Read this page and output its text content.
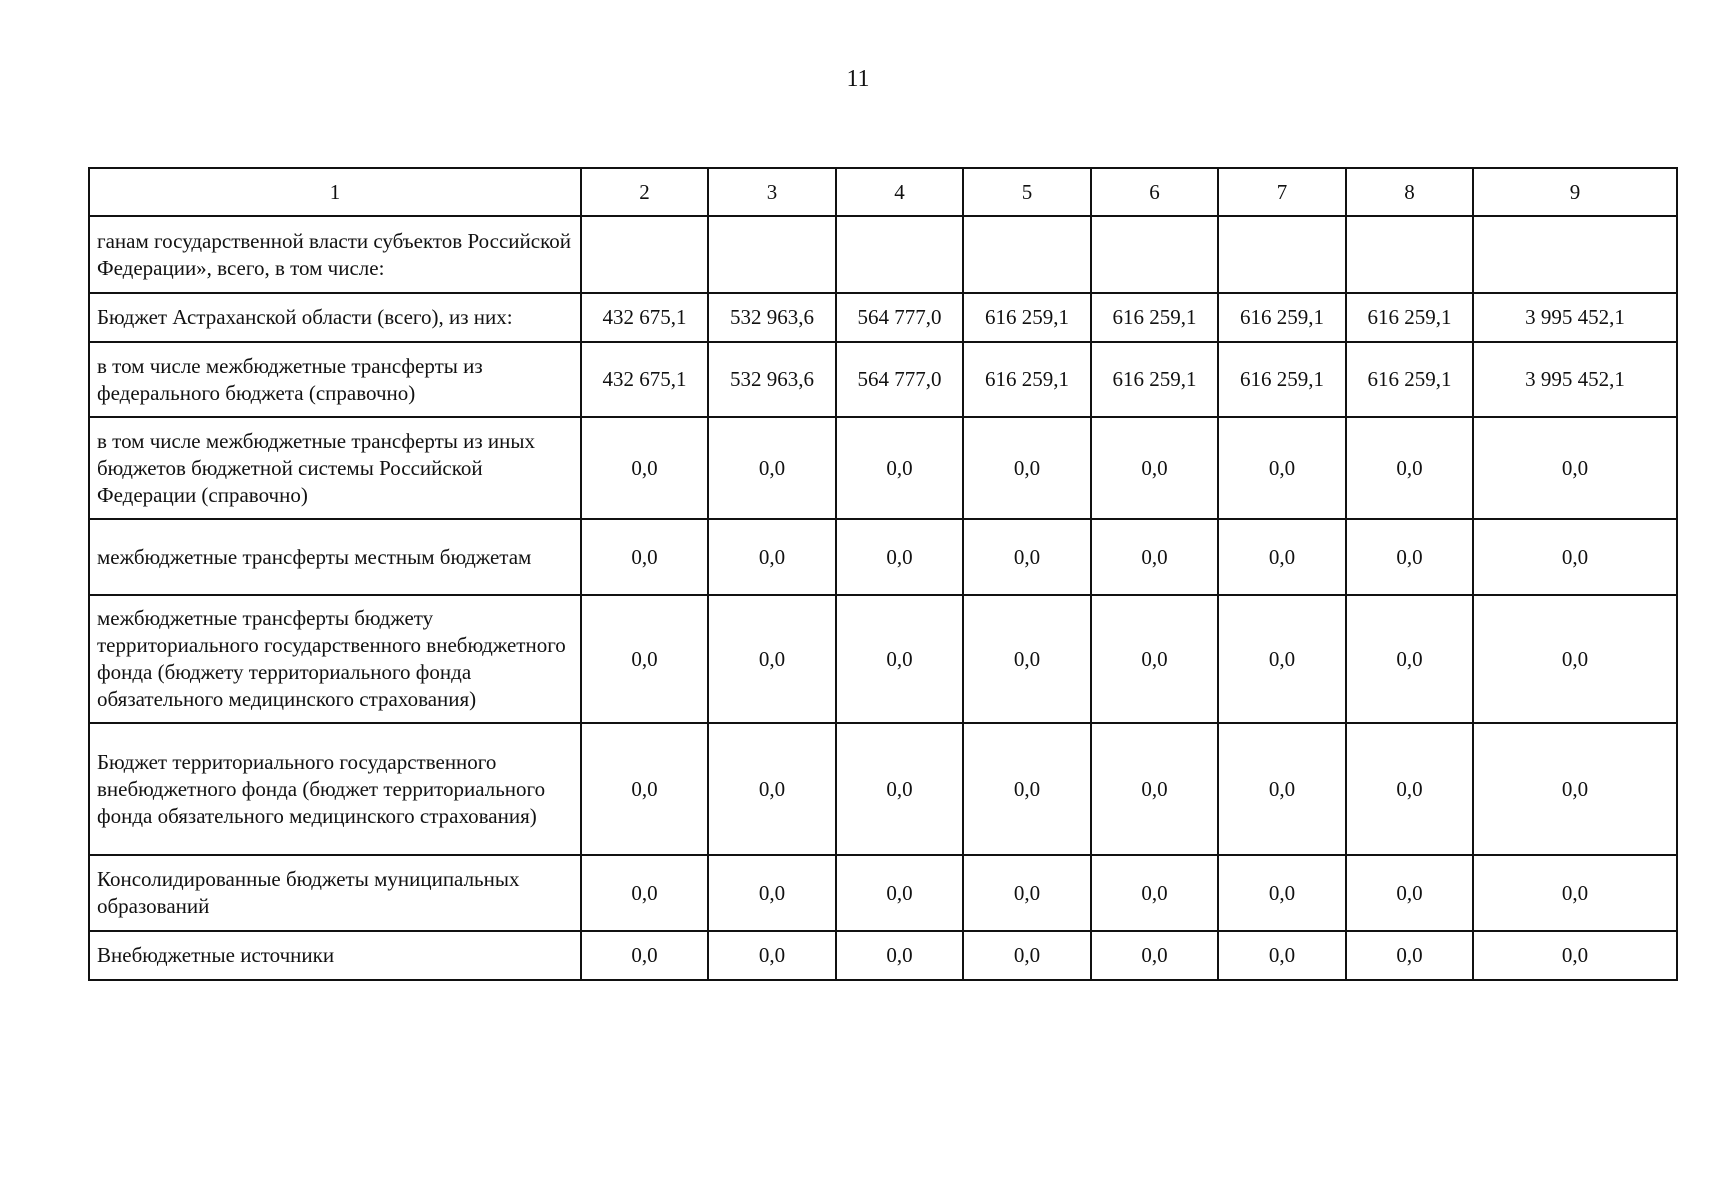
11
1	2	3	4	5	6	7	8	9
ганам государственной власти субъектов Российской Федерации», всего, в том числе:								
Бюджет Астраханской области (всего), из них:	432 675,1	532 963,6	564 777,0	616 259,1	616 259,1	616 259,1	616 259,1	3 995 452,1
в том числе межбюджетные трансферты из федерального бюджета (справочно)	432 675,1	532 963,6	564 777,0	616 259,1	616 259,1	616 259,1	616 259,1	3 995 452,1
в том числе межбюджетные трансферты из иных бюджетов бюджетной системы Российской Федерации (справочно)	0,0	0,0	0,0	0,0	0,0	0,0	0,0	0,0
межбюджетные трансферты местным бюджетам	0,0	0,0	0,0	0,0	0,0	0,0	0,0	0,0
межбюджетные трансферты бюджету территориального государственного внебюджетного фонда (бюджету территориального фонда обязательного медицинского страхования)	0,0	0,0	0,0	0,0	0,0	0,0	0,0	0,0
Бюджет территориального государственного внебюджетного фонда (бюджет территориального фонда обязательного медицинского страхования)	0,0	0,0	0,0	0,0	0,0	0,0	0,0	0,0
Консолидированные бюджеты муниципальных образований	0,0	0,0	0,0	0,0	0,0	0,0	0,0	0,0
Внебюджетные источники	0,0	0,0	0,0	0,0	0,0	0,0	0,0	0,0
